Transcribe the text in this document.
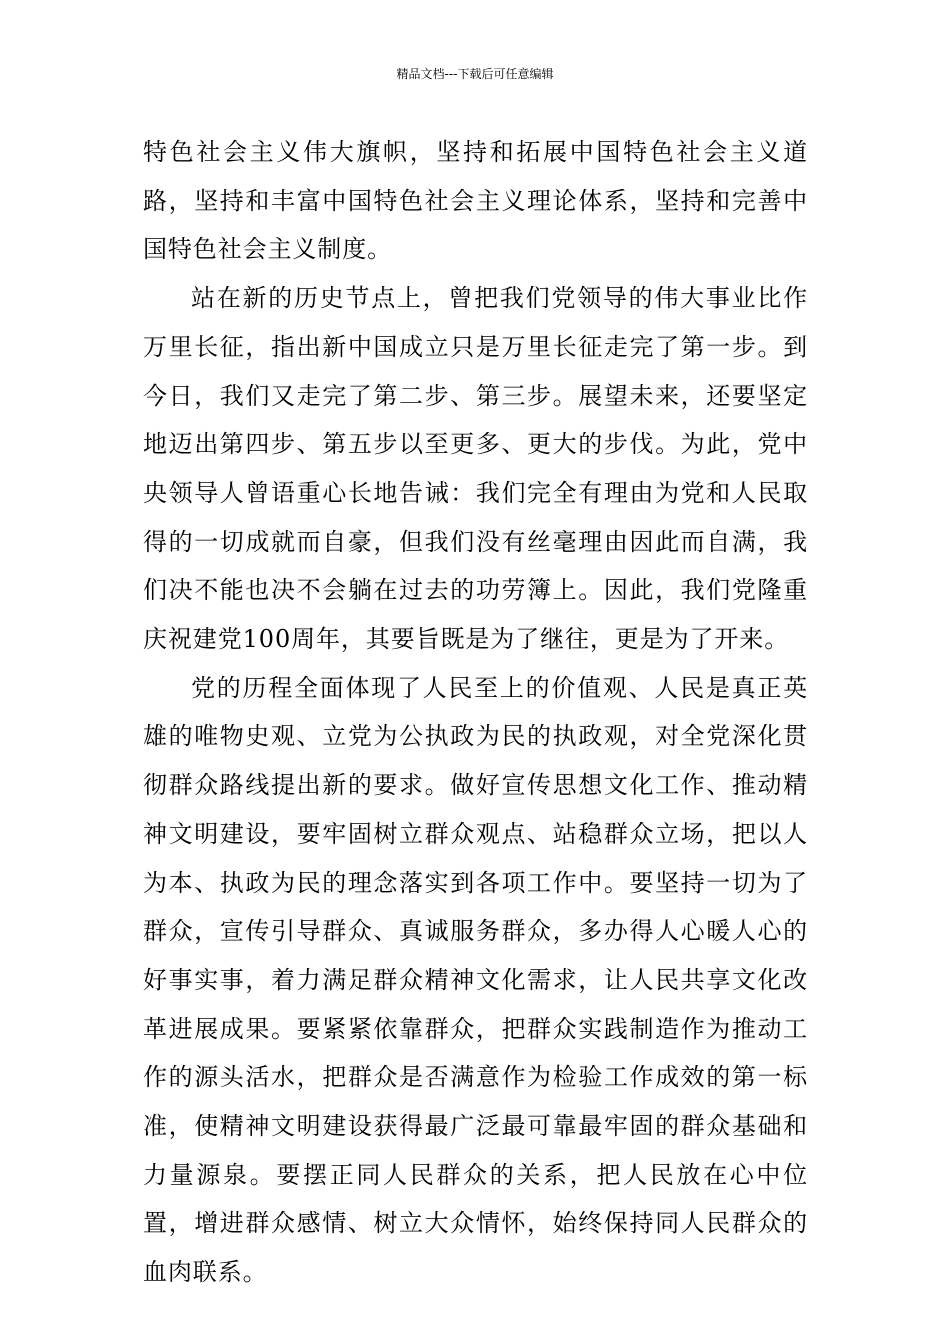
精品文档---下载后可任意编辑

特色社会主义伟大旗帜，坚持和拓展中国特色社会主义道路，坚持和丰富中国特色社会主义理论体系，坚持和完善中国特色社会主义制度。

站在新的历史节点上，曾把我们党领导的伟大事业比作万里长征，指出新中国成立只是万里长征走完了第一步。到今日，我们又走完了第二步、第三步。展望未来，还要坚定地迈出第四步、第五步以至更多、更大的步伐。为此，党中央领导人曾语重心长地告诫：我们完全有理由为党和人民取得的一切成就而自豪，但我们没有丝毫理由因此而自满，我们决不能也决不会躺在过去的功劳簿上。因此，我们党隆重庆祝建党100周年，其要旨既是为了继往，更是为了开来。

党的历程全面体现了人民至上的价值观、人民是真正英雄的唯物史观、立党为公执政为民的执政观，对全党深化贯彻群众路线提出新的要求。做好宣传思想文化工作、推动精神文明建设，要牢固树立群众观点、站稳群众立场，把以人为本、执政为民的理念落实到各项工作中。要坚持一切为了群众，宣传引导群众、真诚服务群众，多办得人心暖人心的好事实事，着力满足群众精神文化需求，让人民共享文化改革进展成果。要紧紧依靠群众，把群众实践制造作为推动工作的源头活水，把群众是否满意作为检验工作成效的第一标准，使精神文明建设获得最广泛最可靠最牢固的群众基础和力量源泉。要摆正同人民群众的关系，把人民放在心中位置，增进群众感情、树立大众情怀，始终保持同人民群众的血肉联系。
